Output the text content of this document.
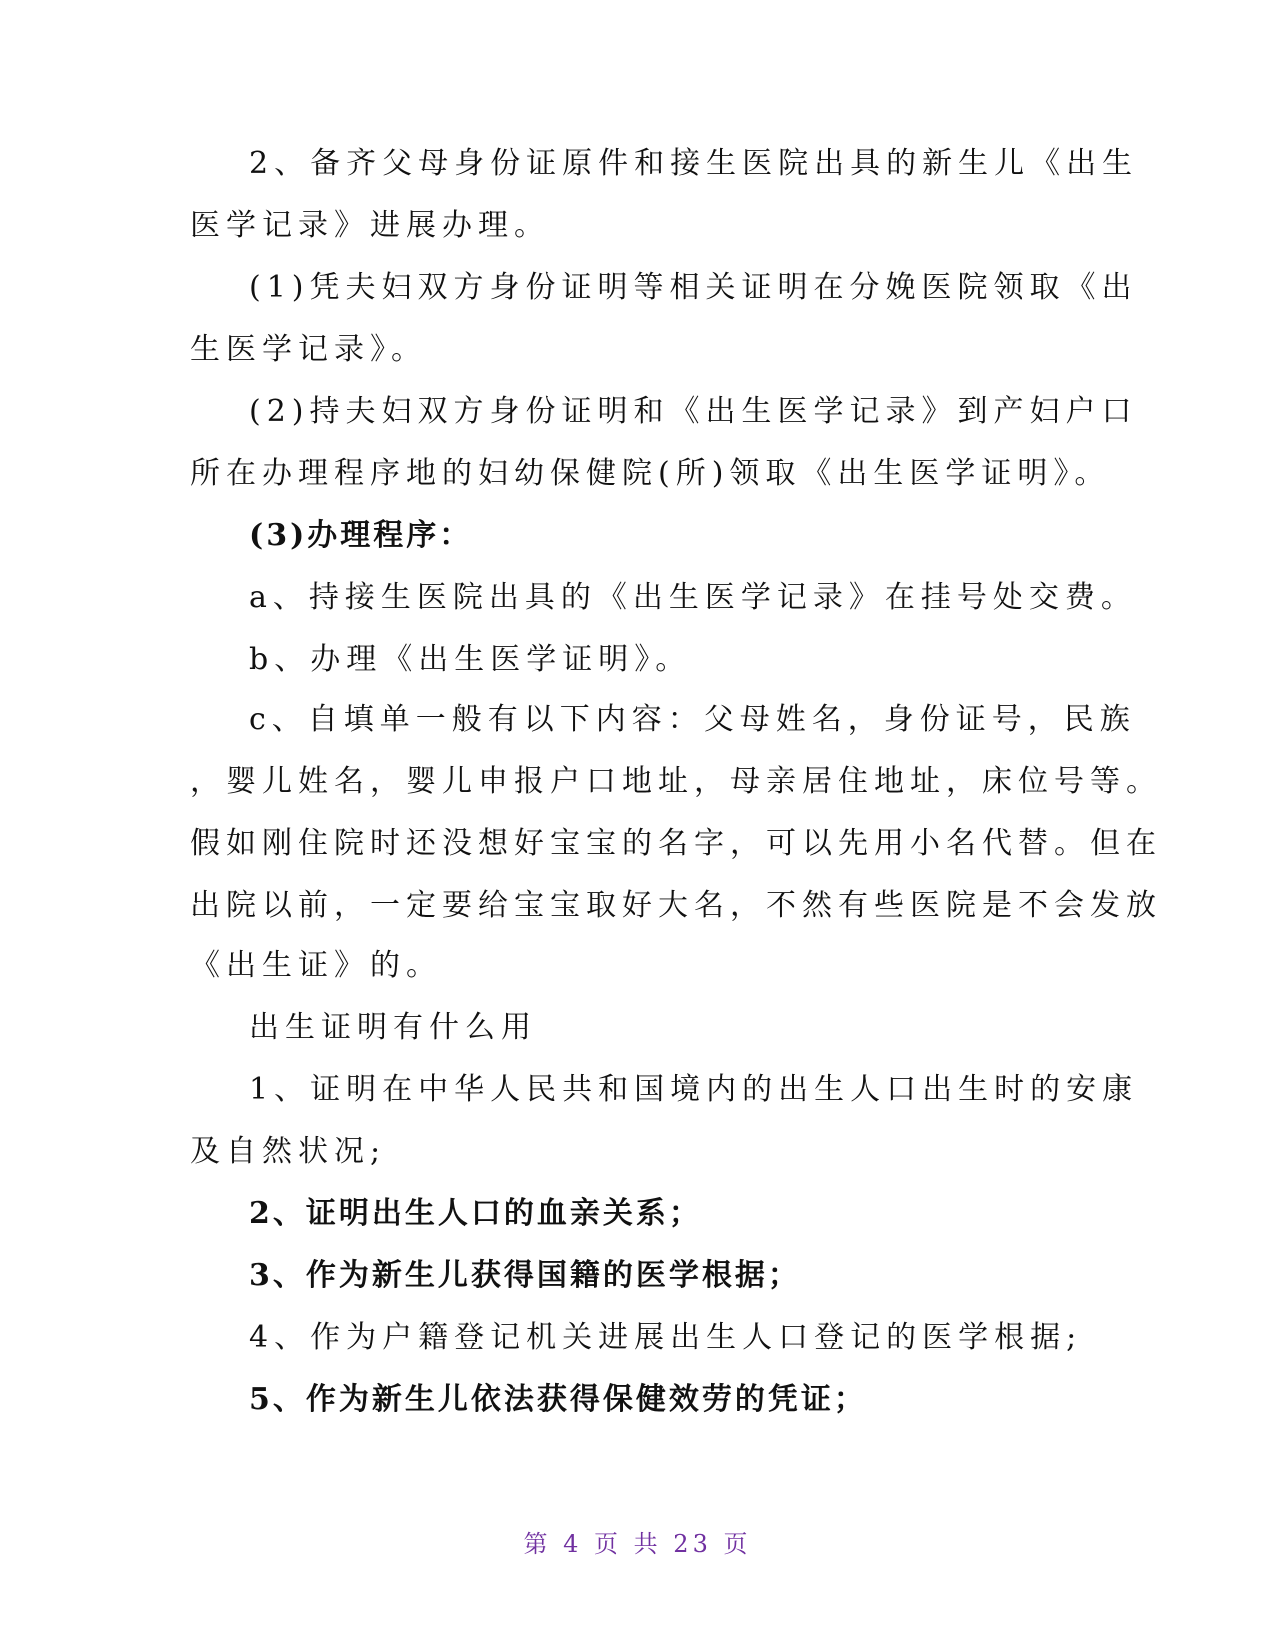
2、备齐父母身份证原件和接生医院出具的新生儿《出生
医学记录》进展办理。
(1)凭夫妇双方身份证明等相关证明在分娩医院领取《出
生医学记录》。
(2)持夫妇双方身份证明和《出生医学记录》到产妇户口
所在办理程序地的妇幼保健院(所)领取《出生医学证明》。
(3)办理程序：
a、持接生医院出具的《出生医学记录》在挂号处交费。
b、办理《出生医学证明》。
c、自填单一般有以下内容：父母姓名，身份证号，民族
，婴儿姓名，婴儿申报户口地址，母亲居住地址，床位号等。
假如刚住院时还没想好宝宝的名字，可以先用小名代替。但在
出院以前，一定要给宝宝取好大名，不然有些医院是不会发放
《出生证》的。
出生证明有什么用
1、证明在中华人民共和国境内的出生人口出生时的安康
及自然状况;
2、证明出生人口的血亲关系；
3、作为新生儿获得国籍的医学根据；
4、作为户籍登记机关进展出生人口登记的医学根据;
5、作为新生儿依法获得保健效劳的凭证；
第 4 页 共 23 页
